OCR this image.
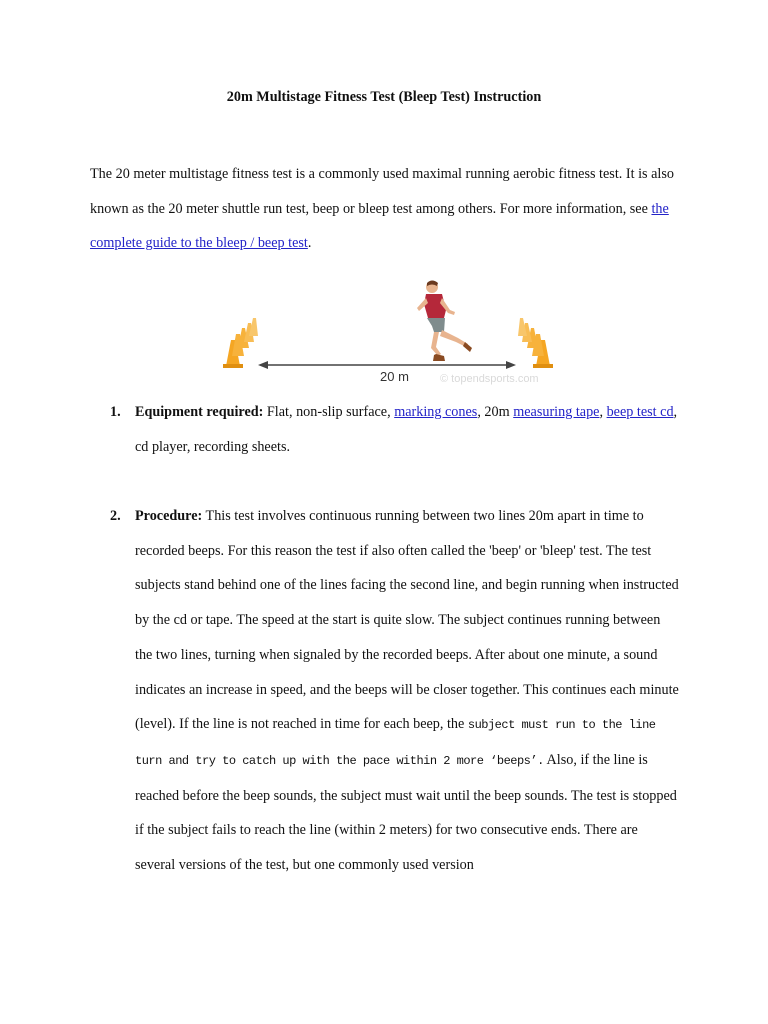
20m Multistage Fitness Test (Bleep Test) Instruction
The 20 meter multistage fitness test is a commonly used maximal running aerobic fitness test. It is also known as the 20 meter shuttle run test, beep or bleep test among others. For more information, see the complete guide to the bleep / beep test.
20 m	© topendsports.com
1. Equipment required: Flat, non-slip surface, marking cones, 20m measuring tape, beep test cd, cd player, recording sheets.
2. Procedure: This test involves continuous running between two lines 20m apart in time to recorded beeps. For this reason the test if also often called the 'beep' or 'bleep' test. The test subjects stand behind one of the lines facing the second line, and begin running when instructed by the cd or tape. The speed at the start is quite slow. The subject continues running between the two lines, turning when signaled by the recorded beeps. After about one minute, a sound indicates an increase in speed, and the beeps will be closer together. This continues each minute (level). If the line is not reached in time for each beep, the subject must run to the line turn and try to catch up with the pace within 2 more ‘beeps’. Also, if the line is reached before the beep sounds, the subject must wait until the beep sounds. The test is stopped if the subject fails to reach the line (within 2 meters) for two consecutive ends. There are several versions of the test, but one commonly used version
